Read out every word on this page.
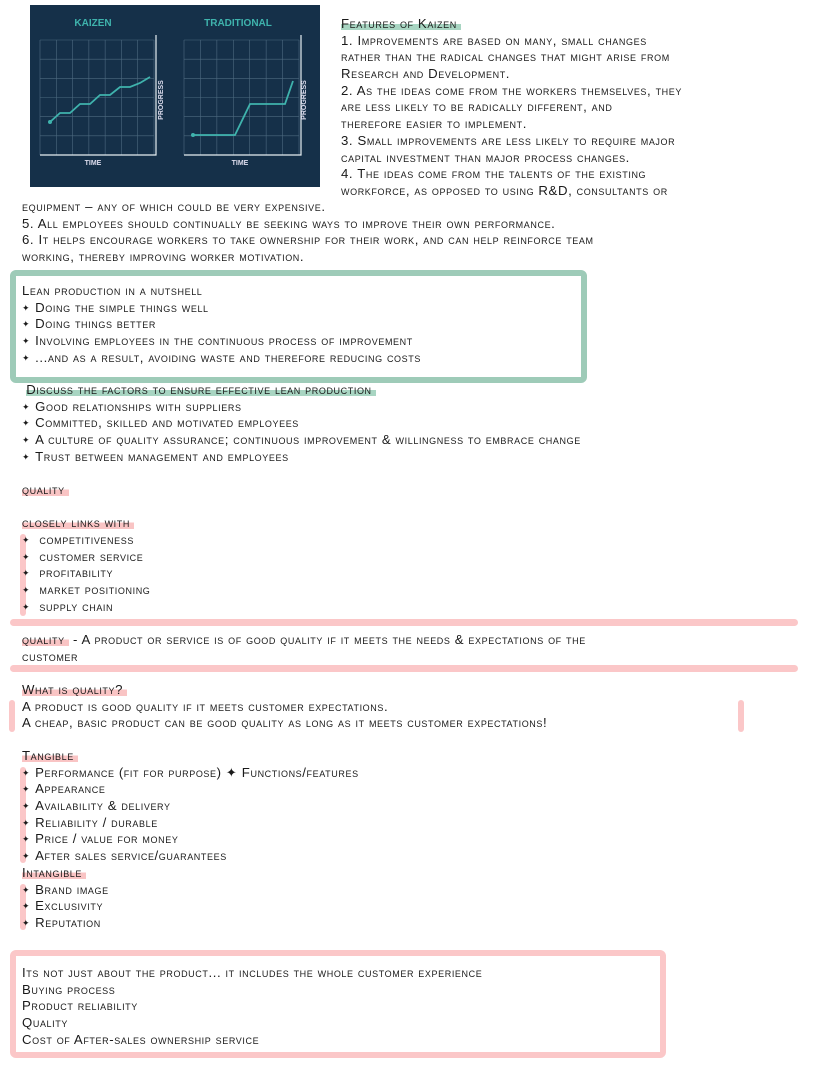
KAIZEN	TRADITIONAL
TIME	TIME
PROGRESS	PROGRESS
Features of Kaizen
1. Improvements are based on many, small changes
rather than the radical changes that might arise from
Research and Development.
2. As the ideas come from the workers themselves, they
are less likely to be radically different, and
therefore easier to implement.
3. Small improvements are less likely to require major
capital investment than major process changes.
4. The ideas come from the talents of the existing
workforce, as opposed to using R&D, consultants or
equipment – any of which could be very expensive.
5. All employees should continually be seeking ways to improve their own performance.
6. It helps encourage workers to take ownership for their work, and can help reinforce team
working, thereby improving worker motivation.
Lean production in a nutshell
✦ Doing the simple things well
✦ Doing things better
✦ Involving employees in the continuous process of improvement
✦ ...and as a result, avoiding waste and therefore reducing costs
Discuss the factors to ensure effective lean production
✦ Good relationships with suppliers
✦ Committed, skilled and motivated employees
✦ A culture of quality assurance; continuous improvement & willingness to embrace change
✦ Trust between management and employees
quality
closely links with
✦ competitiveness
✦ customer service
✦ profitability
✦ market positioning
✦ supply chain
quality - A product or service is of good quality if it meets the needs & expectations of the
customer
What is quality?
A product is good quality if it meets customer expectations.
A cheap, basic product can be good quality as long as it meets customer expectations!
Tangible
✦ Performance (fit for purpose) ✦ Functions/features
✦ Appearance
✦ Availability & delivery
✦ Reliability / durable
✦ Price / value for money
✦ After sales service/guarantees
Intangible
✦ Brand image
✦ Exclusivity
✦ Reputation
Its not just about the product... it includes the whole customer experience
Buying process
Product reliability
Quality
Cost of After-sales ownership service
